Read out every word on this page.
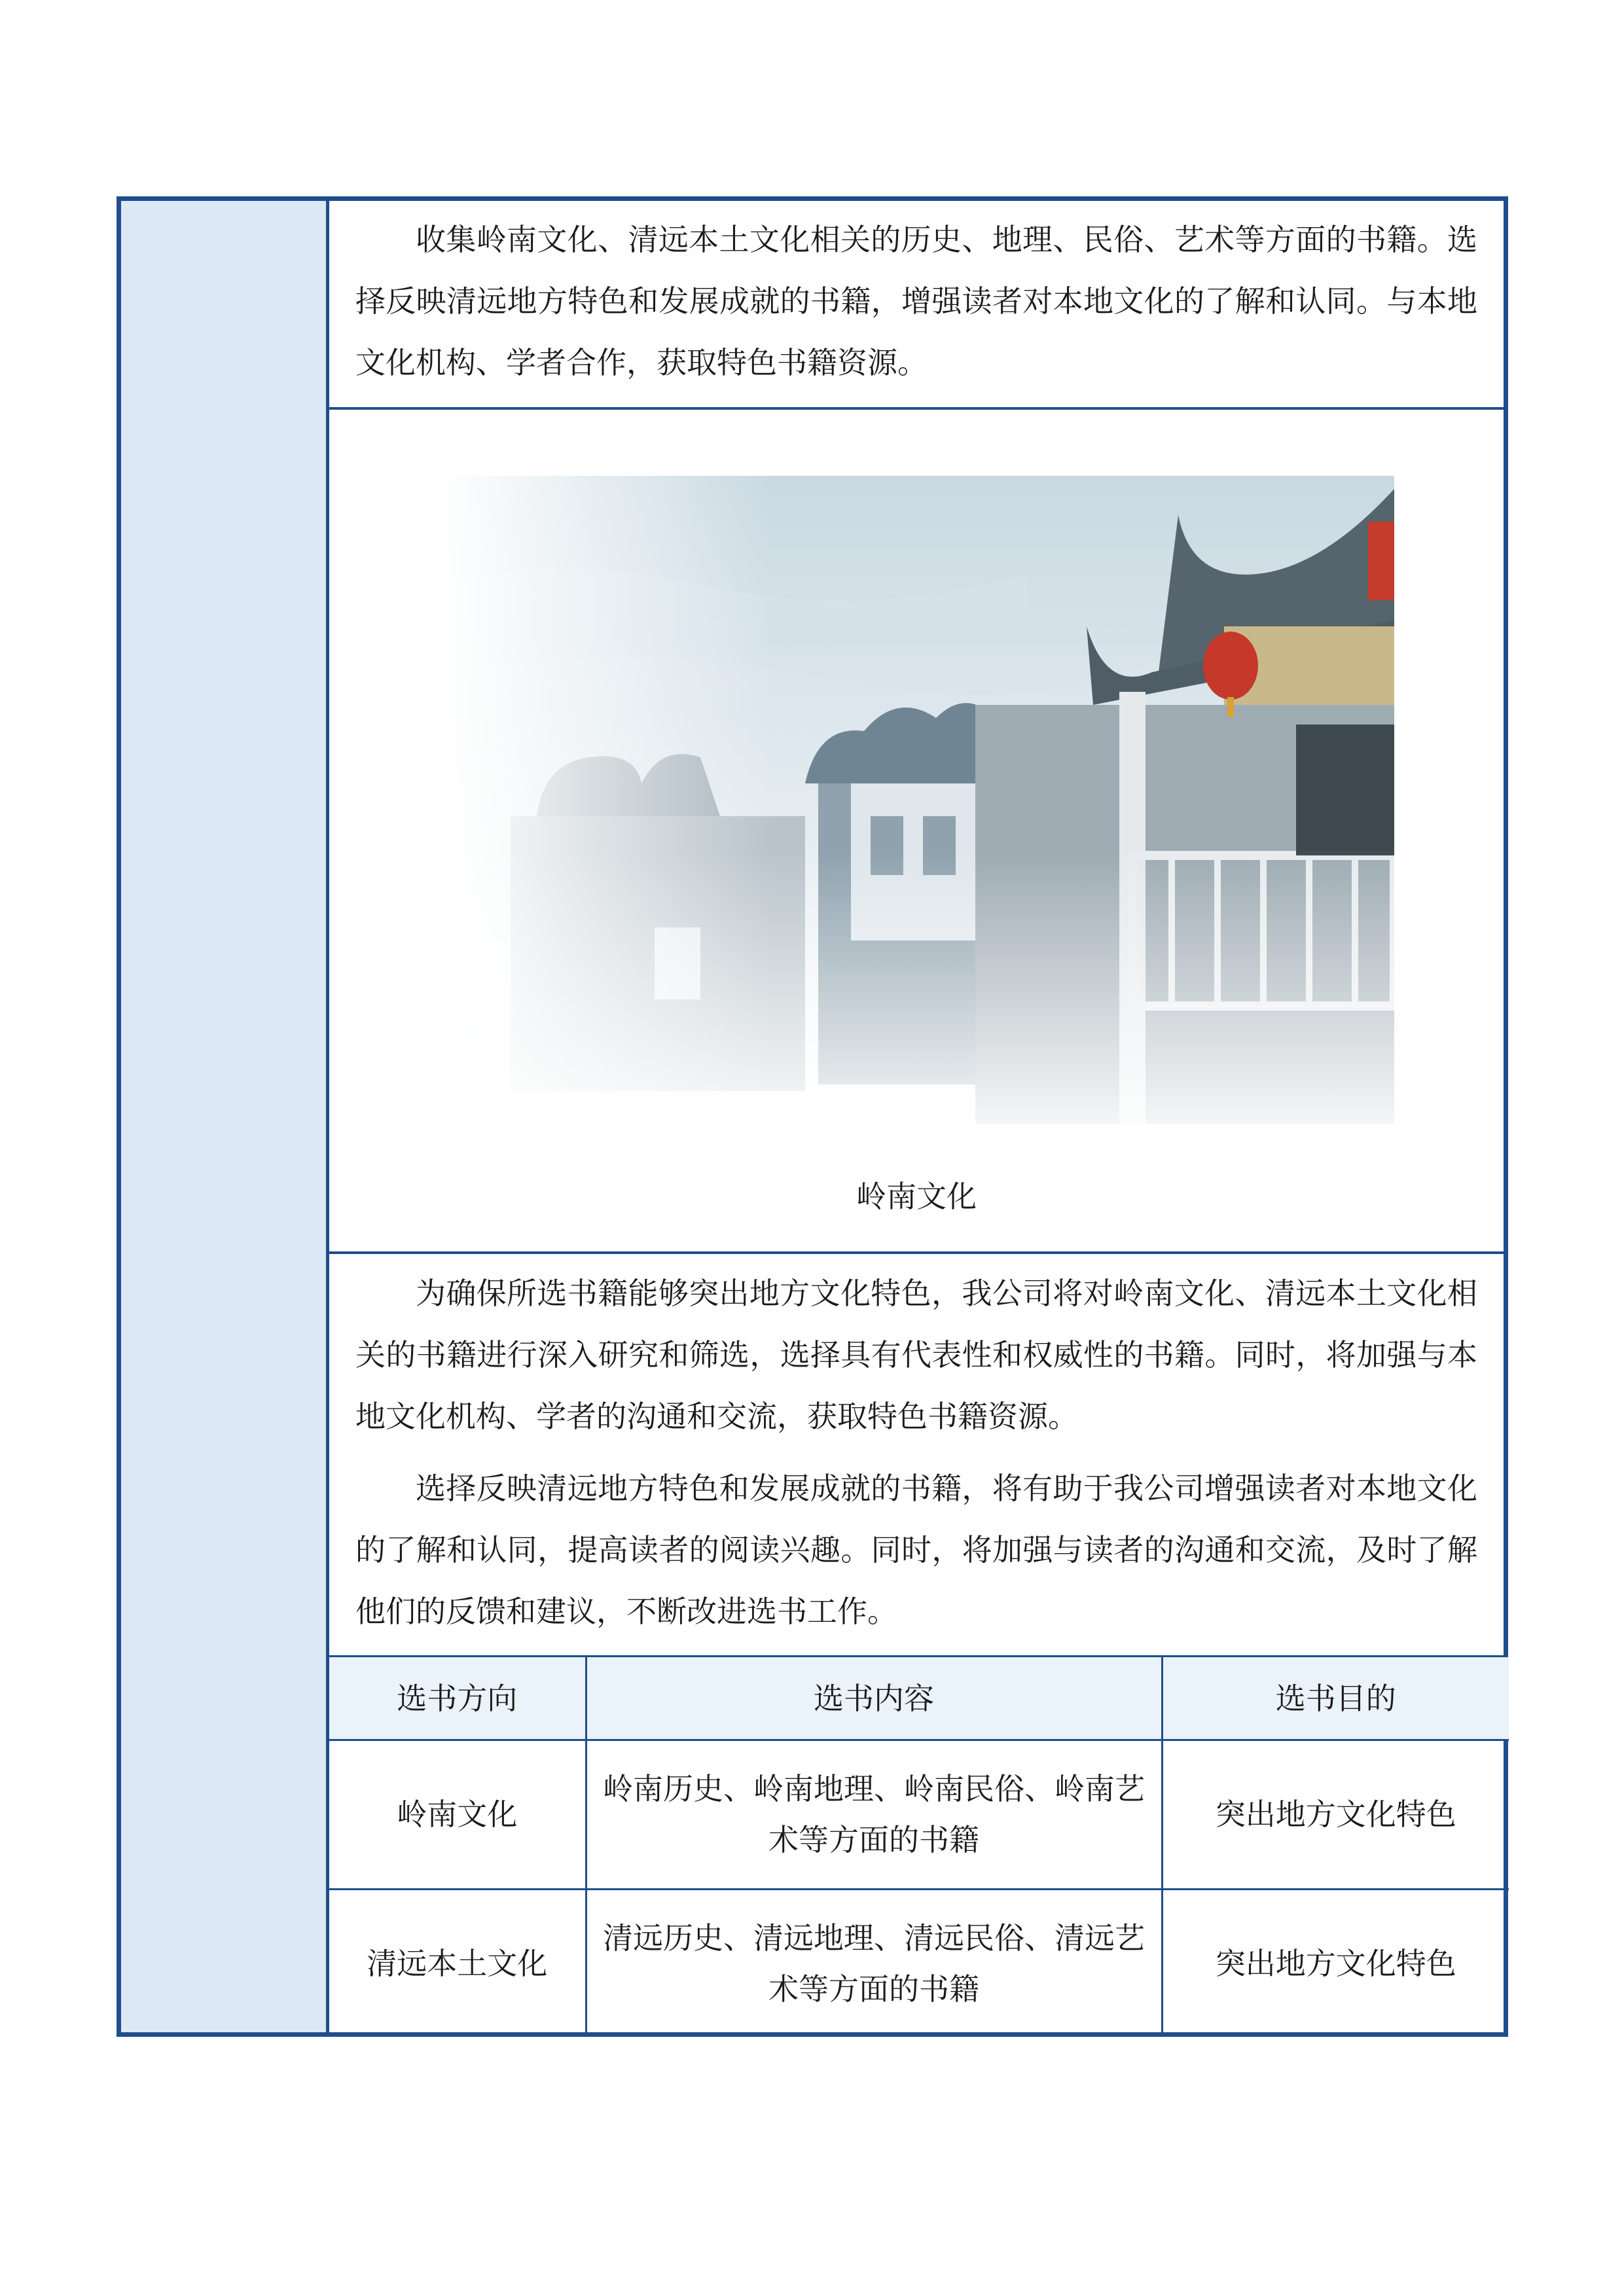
收集岭南文化、清远本土文化相关的历史、地理、民俗、艺术等方面的书籍。选择反映清远地方特色和发展成就的书籍，增强读者对本地文化的了解和认同。与本地文化机构、学者合作，获取特色书籍资源。

岭南文化

为确保所选书籍能够突出地方文化特色，我公司将对岭南文化、清远本土文化相关的书籍进行深入研究和筛选，选择具有代表性和权威性的书籍。同时，将加强与本地文化机构、学者的沟通和交流，获取特色书籍资源。

选择反映清远地方特色和发展成就的书籍，将有助于我公司增强读者对本地文化的了解和认同，提高读者的阅读兴趣。同时，将加强与读者的沟通和交流，及时了解他们的反馈和建议，不断改进选书工作。

选书方向	选书内容	选书目的
岭南文化	岭南历史、岭南地理、岭南民俗、岭南艺术等方面的书籍	突出地方文化特色
清远本土文化	清远历史、清远地理、清远民俗、清远艺术等方面的书籍	突出地方文化特色
